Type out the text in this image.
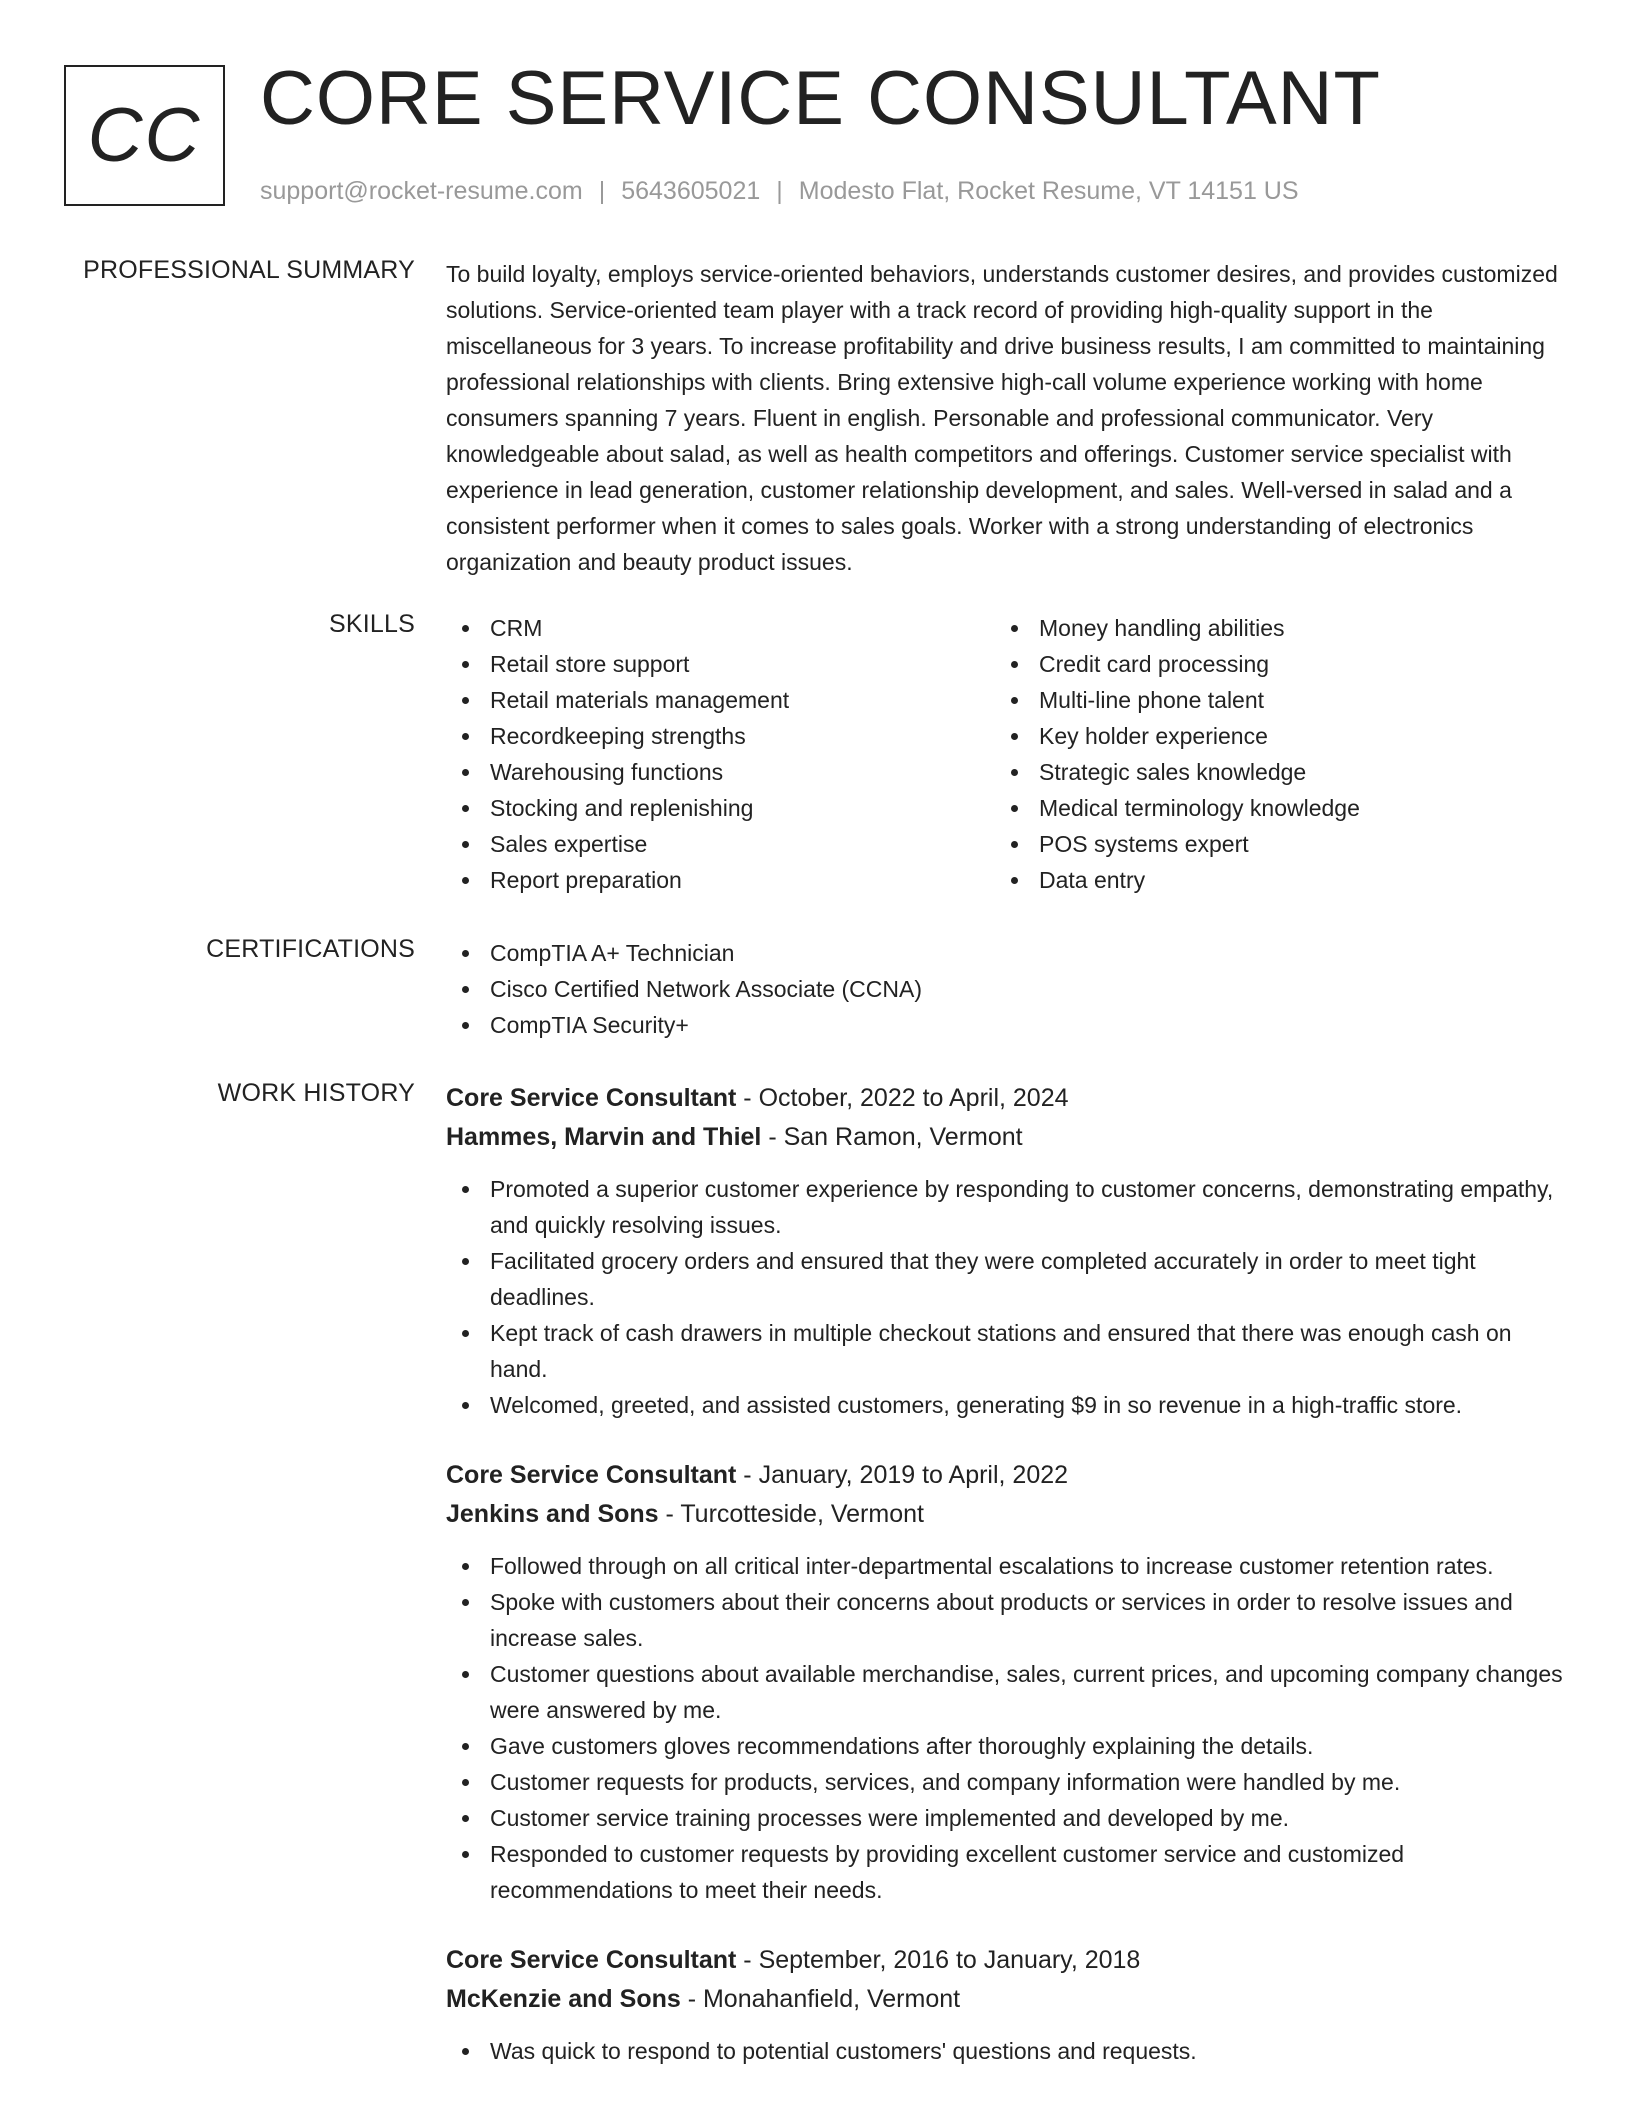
CC CORE SERVICE CONSULTANT
support@rocket-resume.com | 5643605021 | Modesto Flat, Rocket Resume, VT 14151 US
PROFESSIONAL SUMMARY To build loyalty, employs service-oriented behaviors, understands customer desires, and provides customized solutions. Service-oriented team player with a track record of providing high-quality support in the miscellaneous for 3 years. To increase profitability and drive business results, I am committed to maintaining professional relationships with clients. Bring extensive high-call volume experience working with home consumers spanning 7 years. Fluent in english. Personable and professional communicator. Very knowledgeable about salad, as well as health competitors and offerings. Customer service specialist with experience in lead generation, customer relationship development, and sales. Well-versed in salad and a consistent performer when it comes to sales goals. Worker with a strong understanding of electronics organization and beauty product issues.

SKILLS	CRM
Retail store support
Retail materials management
Recordkeeping strengths
Warehousing functions
Stocking and replenishing
Sales expertise
Report preparation
Money handling abilities
Credit card processing
Multi-line phone talent
Key holder experience
Strategic sales knowledge
Medical terminology knowledge
POS systems expert
Data entry
CERTIFICATIONS	CompTIA A+ Technician
Cisco Certified Network Associate (CCNA)
CompTIA Security+
WORK HISTORY Core Service Consultant - October, 2022 to April, 2024
Hammes, Marvin and Thiel - San Ramon, Vermont
Promoted a superior customer experience by responding to customer concerns, demonstrating empathy, and quickly resolving issues.
Facilitated grocery orders and ensured that they were completed accurately in order to meet tight deadlines.
Kept track of cash drawers in multiple checkout stations and ensured that there was enough cash on hand.
Welcomed, greeted, and assisted customers, generating $9 in so revenue in a high-traffic store.
Core Service Consultant - January, 2019 to April, 2022
Jenkins and Sons - Turcotteside, Vermont
Followed through on all critical inter-departmental escalations to increase customer retention rates.
Spoke with customers about their concerns about products or services in order to resolve issues and increase sales.
Customer questions about available merchandise, sales, current prices, and upcoming company changes were answered by me.
Gave customers gloves recommendations after thoroughly explaining the details.
Customer requests for products, services, and company information were handled by me.
Customer service training processes were implemented and developed by me.
Responded to customer requests by providing excellent customer service and customized recommendations to meet their needs.
Core Service Consultant - September, 2016 to January, 2018
McKenzie and Sons - Monahanfield, Vermont
Was quick to respond to potential customers' questions and requests.
